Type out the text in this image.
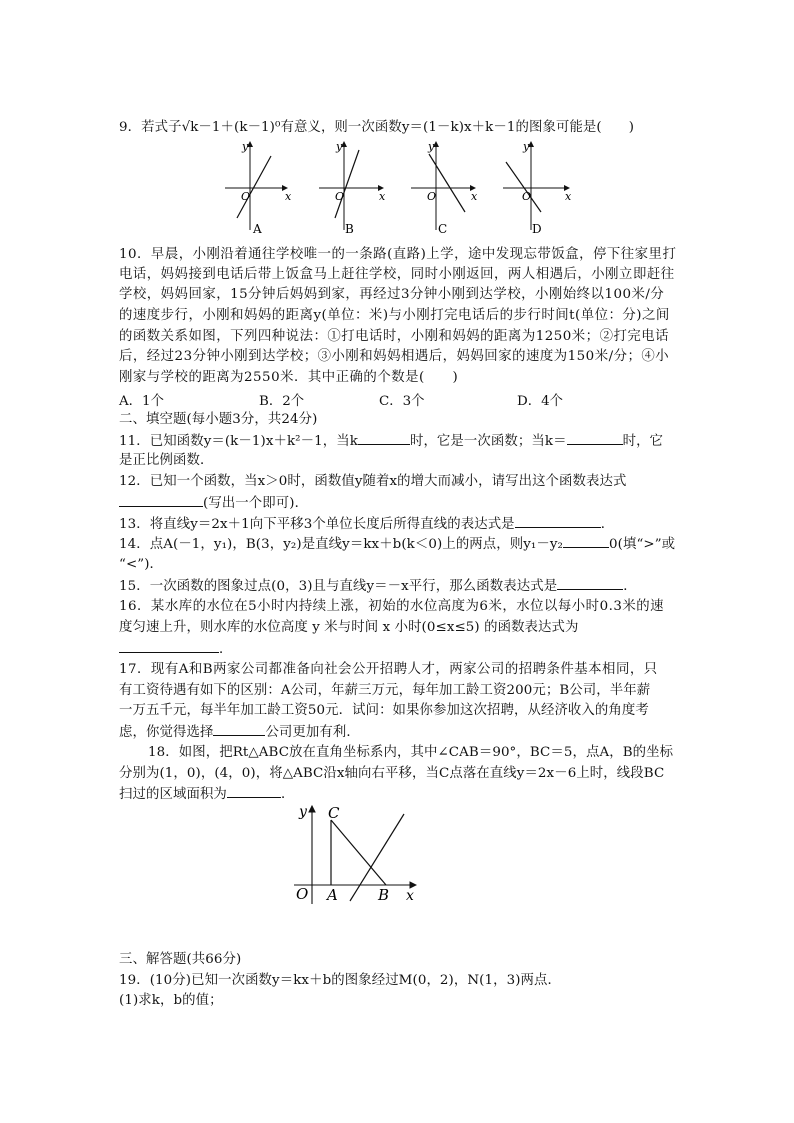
9．若式子√k－1＋(k－1)⁰有意义，则一次函数y＝(1－k)x＋k－1的图象可能是(　　)
y
x
O
A
y
x
O
B
y
x
O
C
y
x
O
D
10．早晨，小刚沿着通往学校唯一的一条路(直路)上学，途中发现忘带饭盒，停下往家里打
电话，妈妈接到电话后带上饭盒马上赶往学校，同时小刚返回，两人相遇后，小刚立即赶往
学校，妈妈回家，15分钟后妈妈到家，再经过3分钟小刚到达学校，小刚始终以100米/分
的速度步行，小刚和妈妈的距离y(单位：米)与小刚打完电话后的步行时间t(单位：分)之间
的函数关系如图，下列四种说法：①打电话时，小刚和妈妈的距离为1250米；②打完电话
后，经过23分钟小刚到达学校；③小刚和妈妈相遇后，妈妈回家的速度为150米/分；④小
刚家与学校的距离为2550米．其中正确的个数是(　　)
A．1个	B．2个	C．3个	D．4个
二、填空题(每小题3分，共24分)
11．已知函数y＝(k－1)x＋k²－1，当k	时，它是一次函数；当k＝	时，它
是正比例函数．
12．已知一个函数，当x＞0时，函数值y随着x的增大而减小，请写出这个函数表达式
(写出一个即可)．
13．将直线y＝2x＋1向下平移3个单位长度后所得直线的表达式是	．
14．点A(－1，y₁)，B(3，y₂)是直线y＝kx＋b(k＜0)上的两点，则y₁－y₂	0(填“>”或
“<”)．
15．一次函数的图象过点(0，3)且与直线y＝－x平行，那么函数表达式是	．
16．某水库的水位在5小时内持续上涨，初始的水位高度为6米，水位以每小时0.3米的速
度匀速上升，则水库的水位高度 y 米与时间 x 小时(0≤x≤5) 的函数表达式为
．
17．现有A和B两家公司都准备向社会公开招聘人才，两家公司的招聘条件基本相同，只
有工资待遇有如下的区别：A公司，年薪三万元，每年加工龄工资200元；B公司，半年薪
一万五千元，每半年加工龄工资50元．试问：如果你参加这次招聘，从经济收入的角度考
虑，你觉得选择	公司更加有利．
18．如图，把Rt△ABC放在直角坐标系内，其中∠CAB＝90°，BC＝5，点A，B的坐标
分别为(1，0)，(4，0)，将△ABC沿x轴向右平移，当C点落在直线y＝2x－6上时，线段BC
扫过的区域面积为	．
y
x
O A	B
C
三、解答题(共66分)
19．(10分)已知一次函数y＝kx＋b的图象经过M(0，2)，N(1，3)两点．
(1)求k，b的值；
